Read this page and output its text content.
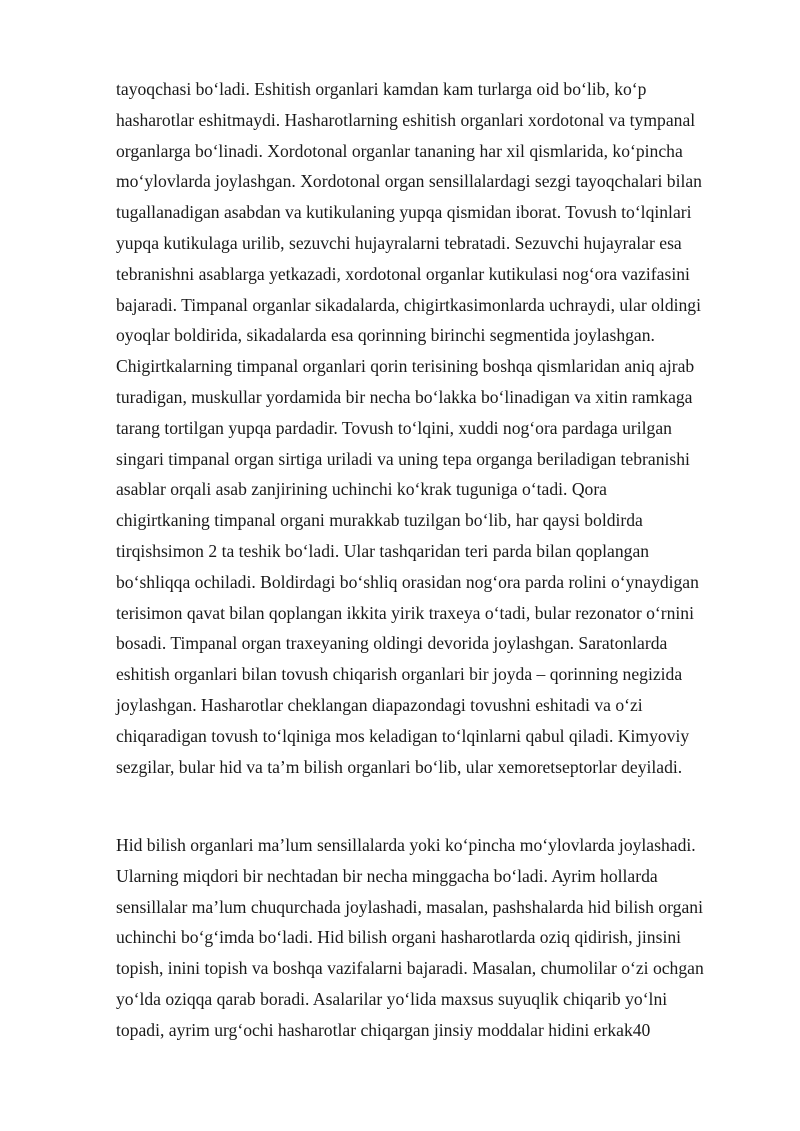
tayoqchasi boʻladi. Eshitish organlari kamdan kam turlarga oid boʻlib, koʻp
hasharotlar eshitmaydi. Hasharotlarning eshitish organlari xordotonal va tympanal
organlarga boʻlinadi. Xordotonal organlar tananing har xil qismlarida, koʻpincha
moʻylovlarda joylashgan. Xordotonal organ sensillalardagi sezgi tayoqchalari bilan
tugallanadigan asabdan va kutikulaning yupqa qismidan iborat. Tovush toʻlqinlari
yupqa kutikulaga urilib, sezuvchi hujayralarni tebratadi. Sezuvchi hujayralar esa
tebranishni asablarga yetkazadi, xordotonal organlar kutikulasi nogʻora vazifasini
bajaradi. Timpanal organlar sikadalarda, chigirtkasimonlarda uchraydi, ular oldingi
oyoqlar boldirida, sikadalarda esa qorinning birinchi segmentida joylashgan.
Chigirtkalarning timpanal organlari qorin terisining boshqa qismlaridan aniq ajrab
turadigan, muskullar yordamida bir necha boʻlakka boʻlinadigan va xitin ramkaga
tarang tortilgan yupqa pardadir. Tovush toʻlqini, xuddi nogʻora pardaga urilgan
singari timpanal organ sirtiga uriladi va uning tepa organga beriladigan tebranishi
asablar orqali asab zanjirining uchinchi koʻkrak tuguniga oʻtadi. Qora
chigirtkaning timpanal organi murakkab tuzilgan boʻlib, har qaysi boldirda
tirqishsimon 2 ta teshik boʻladi. Ular tashqaridan teri parda bilan qoplangan
boʻshliqqa ochiladi. Boldirdagi boʻshliq orasidan nogʻora parda rolini oʻynaydigan
terisimon qavat bilan qoplangan ikkita yirik traxeya oʻtadi, bular rezonator oʻrnini
bosadi. Timpanal organ traxeyaning oldingi devorida joylashgan. Saratonlarda
eshitish organlari bilan tovush chiqarish organlari bir joyda – qorinning negizida
joylashgan. Hasharotlar cheklangan diapazondagi tovushni eshitadi va oʻzi
chiqaradigan tovush toʻlqiniga mos keladigan toʻlqinlarni qabul qiladi. Kimyoviy
sezgilar, bular hid va taʼm bilish organlari boʻlib, ular xemoretseptorlar deyiladi.
Hid bilish organlari maʼlum sensillalarda yoki koʻpincha moʻylovlarda joylashadi.
Ularning miqdori bir nechtadan bir necha minggacha boʻladi. Ayrim hollarda
sensillalar maʼlum chuqurchada joylashadi, masalan, pashshalarda hid bilish organi
uchinchi boʻgʻimda boʻladi. Hid bilish organi hasharotlarda oziq qidirish, jinsini
topish, inini topish va boshqa vazifalarni bajaradi. Masalan, chumolilar oʻzi ochgan
yoʻlda oziqqa qarab boradi. Asalarilar yoʻlida maxsus suyuqlik chiqarib yoʻlni
topadi, ayrim urgʻochi hasharotlar chiqargan jinsiy moddalar hidini erkak40
